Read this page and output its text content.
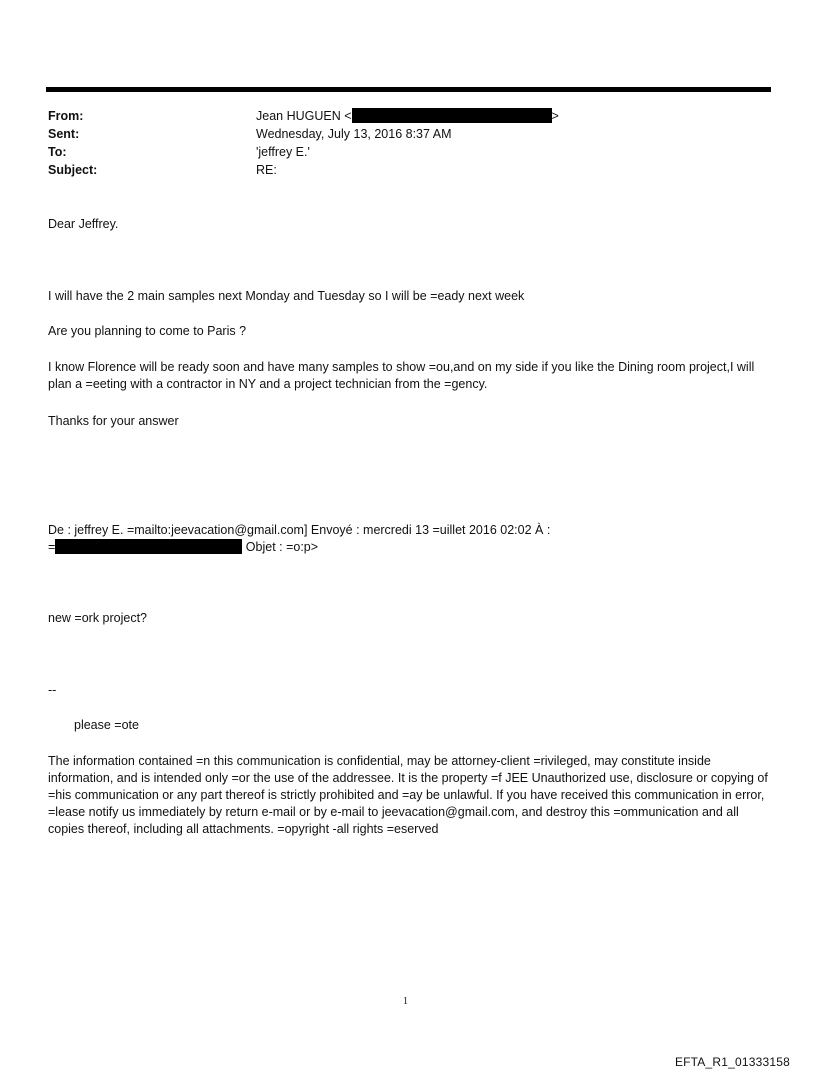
From:	Jean HUGUEN <	>
Sent:	Wednesday, July 13, 2016 8:37 AM
To:	'jeffrey E.'
Subject:	RE:
Dear Jeffrey.
I will have the 2 main samples next Monday and Tuesday so I will be =eady next week
Are you planning to come to Paris ?
I know Florence will be ready soon and have many samples to show =ou,and on my side if you like the Dining room project,I will plan a =eeting with a contractor in NY and a project technician from the =gency.
Thanks for your answer
De : jeffrey E. =mailto:jeevacation@gmail.com] Envoyé : mercredi 13 =uillet 2016 02:02 À :
=	Objet : =o:p>
new =ork project?
--
please =ote
The information contained =n this communication is confidential, may be attorney-client =rivileged, may constitute inside information, and is intended only =or the use of the addressee. It is the property =f JEE Unauthorized use, disclosure or copying of =his communication or any part thereof is strictly prohibited and =ay be unlawful. If you have received this communication in error, =lease notify us immediately by return e-mail or by e-mail to jeevacation@gmail.com, and destroy this =ommunication and all copies thereof, including all attachments. =opyright -all rights =eserved
1
EFTA_R1_01333158
